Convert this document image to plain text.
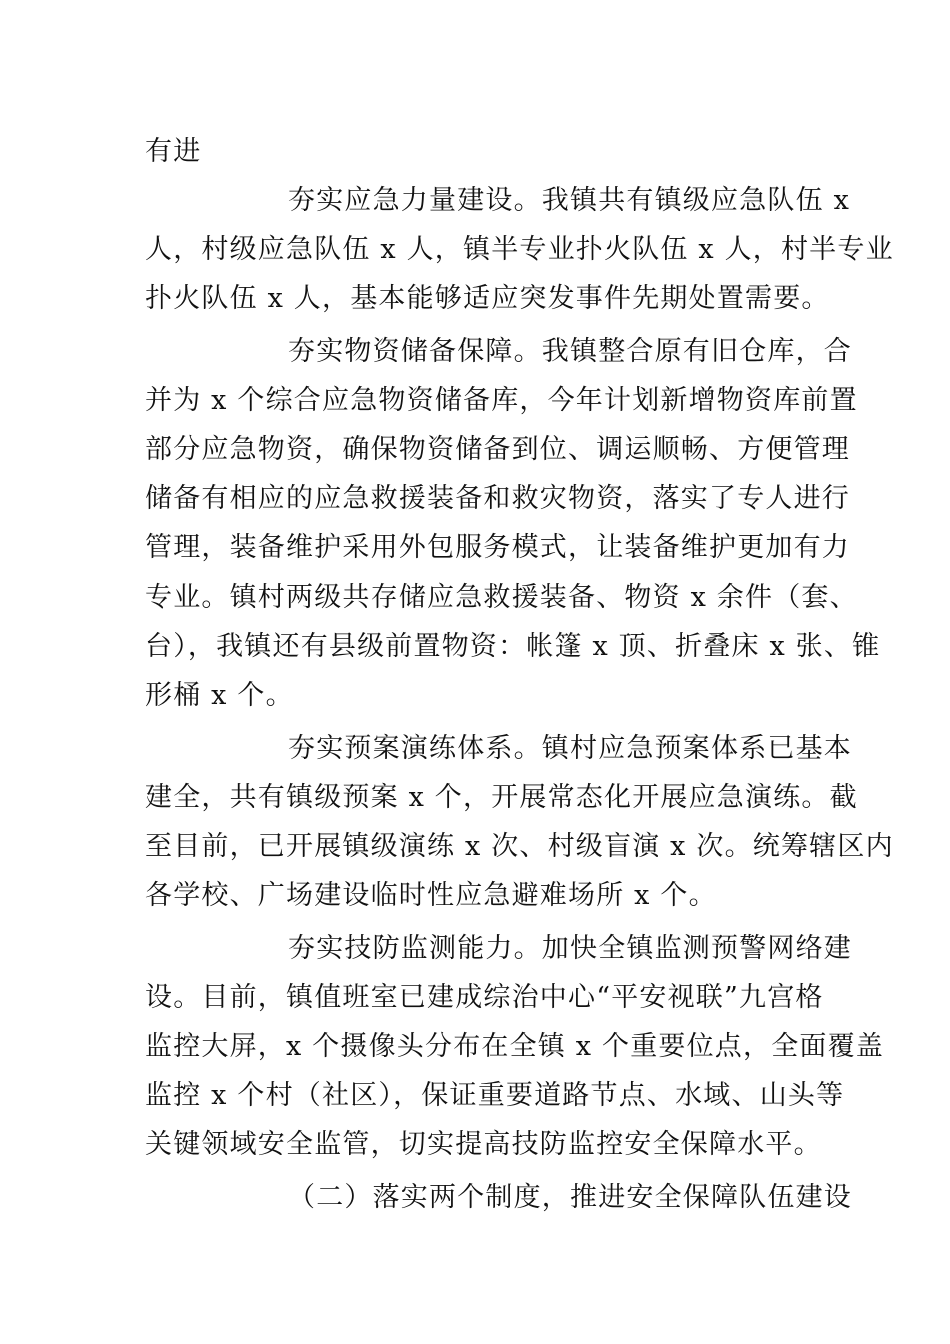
有进
夯实应急力量建设。我镇共有镇级应急队伍 x
人，村级应急队伍 x 人，镇半专业扑火队伍 x 人，村半专业
扑火队伍 x 人，基本能够适应突发事件先期处置需要。
夯实物资储备保障。我镇整合原有旧仓库，合
并为 x 个综合应急物资储备库，今年计划新增物资库前置
部分应急物资，确保物资储备到位、调运顺畅、方便管理
储备有相应的应急救援装备和救灾物资，落实了专人进行
管理，装备维护采用外包服务模式，让装备维护更加有力
专业。镇村两级共存储应急救援装备、物资 x 余件（套、
台），我镇还有县级前置物资：帐篷 x 顶、折叠床 x 张、锥
形桶 x 个。
夯实预案演练体系。镇村应急预案体系已基本
建全，共有镇级预案 x 个，开展常态化开展应急演练。截
至目前，已开展镇级演练 x 次、村级盲演 x 次。统筹辖区内
各学校、广场建设临时性应急避难场所 x 个。
夯实技防监测能力。加快全镇监测预警网络建
设。目前，镇值班室已建成综治中心“平安视联”九宫格
监控大屏，x 个摄像头分布在全镇 x 个重要位点，全面覆盖
监控 x 个村（社区），保证重要道路节点、水域、山头等
关键领域安全监管，切实提高技防监控安全保障水平。
（二）落实两个制度，推进安全保障队伍建设
